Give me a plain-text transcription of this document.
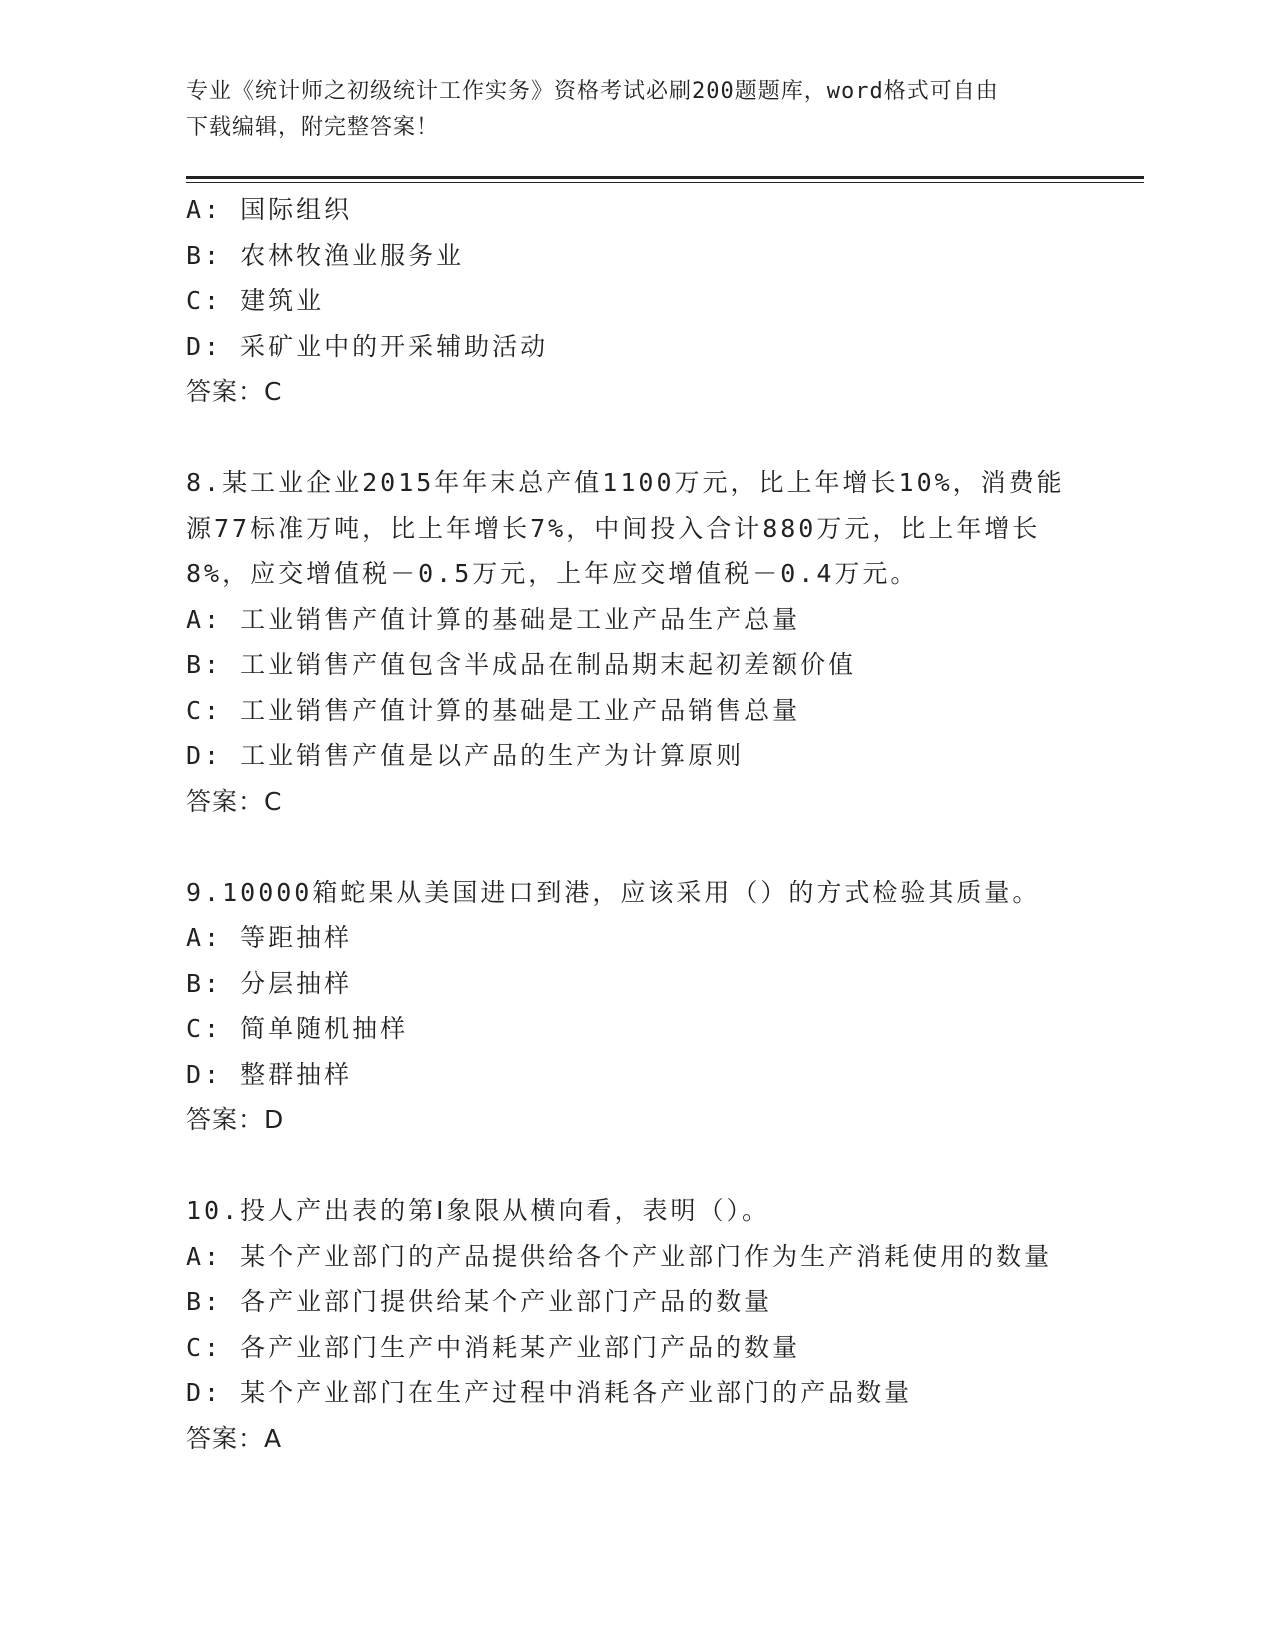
专业《统计师之初级统计工作实务》资格考试必刷200题题库，word格式可自由
下载编辑，附完整答案！
A: 国际组织
B: 农林牧渔业服务业
C: 建筑业
D: 采矿业中的开采辅助活动
答案：C
8.某工业企业2015年年末总产值1100万元，比上年增长10%，消费能
源77标准万吨，比上年增长7%，中间投入合计880万元，比上年增长
8%，应交增值税－0.5万元，上年应交增值税－0.4万元。
A: 工业销售产值计算的基础是工业产品生产总量
B: 工业销售产值包含半成品在制品期末起初差额价值
C: 工业销售产值计算的基础是工业产品销售总量
D: 工业销售产值是以产品的生产为计算原则
答案：C
9.10000箱蛇果从美国进口到港，应该采用（）的方式检验其质量。
A: 等距抽样
B: 分层抽样
C: 简单随机抽样
D: 整群抽样
答案：D
10.投人产出表的第Ⅰ象限从横向看，表明（）。
A: 某个产业部门的产品提供给各个产业部门作为生产消耗使用的数量
B: 各产业部门提供给某个产业部门产品的数量
C: 各产业部门生产中消耗某产业部门产品的数量
D: 某个产业部门在生产过程中消耗各产业部门的产品数量
答案：A
